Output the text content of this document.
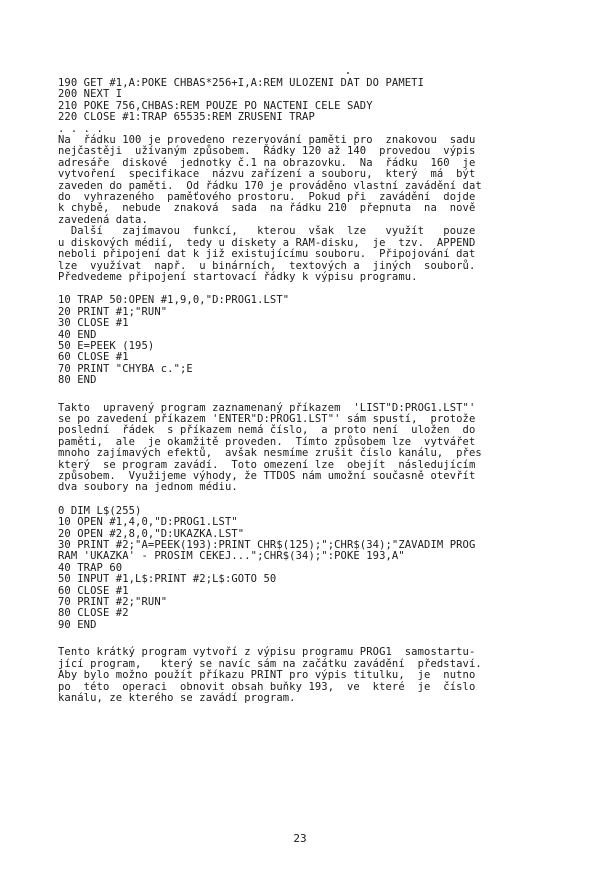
190 GET #1,A:POKE CHBAS*256+I,A:REM ULOZENI DAT DO PAMETI
200 NEXT I
210 POKE 756,CHBAS:REM POUZE PO NACTENI CELE SADY
220 CLOSE #1:TRAP 65535:REM ZRUSENI TRAP
. . . .
Na  řádku 100 je provedeno rezervování paměti pro  znakovou  sadu
nejčastěji  užívaným způsobem.  Řádky 120 až 140  provedou  výpis
adresáře  diskové  jednotky č.1 na obrazovku.  Na  řádku  160  je
vytvoření  specifikace  názvu zařízení a souboru,  který  má  být
zaveden do paměti.  Od řádku 170 je prováděno vlastní zavádění dat
do  vyhrazeného  paměťového prostoru.  Pokud při  zavádění  dojde
k chybě,  nebude  znaková  sada  na řádku 210  přepnuta  na  nově
zavedená data.
Další   zajímavou  funkcí,   kterou  však  lze   využít   pouze
u diskových médií,  tedy u diskety a RAM-disku,  je  tzv.  APPEND
neboli připojení dat k již existujícímu souboru.  Připojování dat
lze  využívat  např.  u binárních,  textových a  jiných  souborů.
Předvedeme připojení startovací řádky k výpisu programu.
10 TRAP 50:OPEN #1,9,0,"D:PROG1.LST"
20 PRINT #1;"RUN"
30 CLOSE #1
40 END
50 E=PEEK (195)
60 CLOSE #1
70 PRINT "CHYBA c.";E
80 END
Takto  upravený program zaznamenaný příkazem  'LIST"D:PROG1.LST"'
se po zavedení příkazem 'ENTER"D:PROG1.LST"' sám spustí,  protože
poslední  řádek  s příkazem nemá číslo,  a proto není  uložen  do
paměti,  ale  je okamžitě proveden.  Tímto způsobem lze  vytvářet
mnoho zajímavých efektů,  avšak nesmíme zrušit číslo kanálu,  přes
který  se program zavádí.  Toto omezení lze  obejít  následujícím
způsobem.  Využijeme výhody, že TTDOS nám umožní současně otevřít
dva soubory na jednom médiu.
0 DIM L$(255)
10 OPEN #1,4,0,"D:PROG1.LST"
20 OPEN #2,8,0,"D:UKAZKA.LST"
30 PRINT #2;"A=PEEK(193):PRINT CHR$(125);";CHR$(34);"ZAVADIM PROG
RAM 'UKAZKA' - PROSIM CEKEJ...";CHR$(34);":POKE 193,A"
40 TRAP 60
50 INPUT #1,L$:PRINT #2;L$:GOTO 50
60 CLOSE #1
70 PRINT #2;"RUN"
80 CLOSE #2
90 END
Tento krátký program vytvoří z výpisu programu PROG1  samostartu-
jící program,   který se navíc sám na začátku zavádění  představí.
Aby bylo možno použít příkazu PRINT pro výpis titulku,  je  nutno
po  této  operaci  obnovit obsah buňky 193,  ve  které  je  číslo
kanálu, ze kterého se zavádí program.
23
